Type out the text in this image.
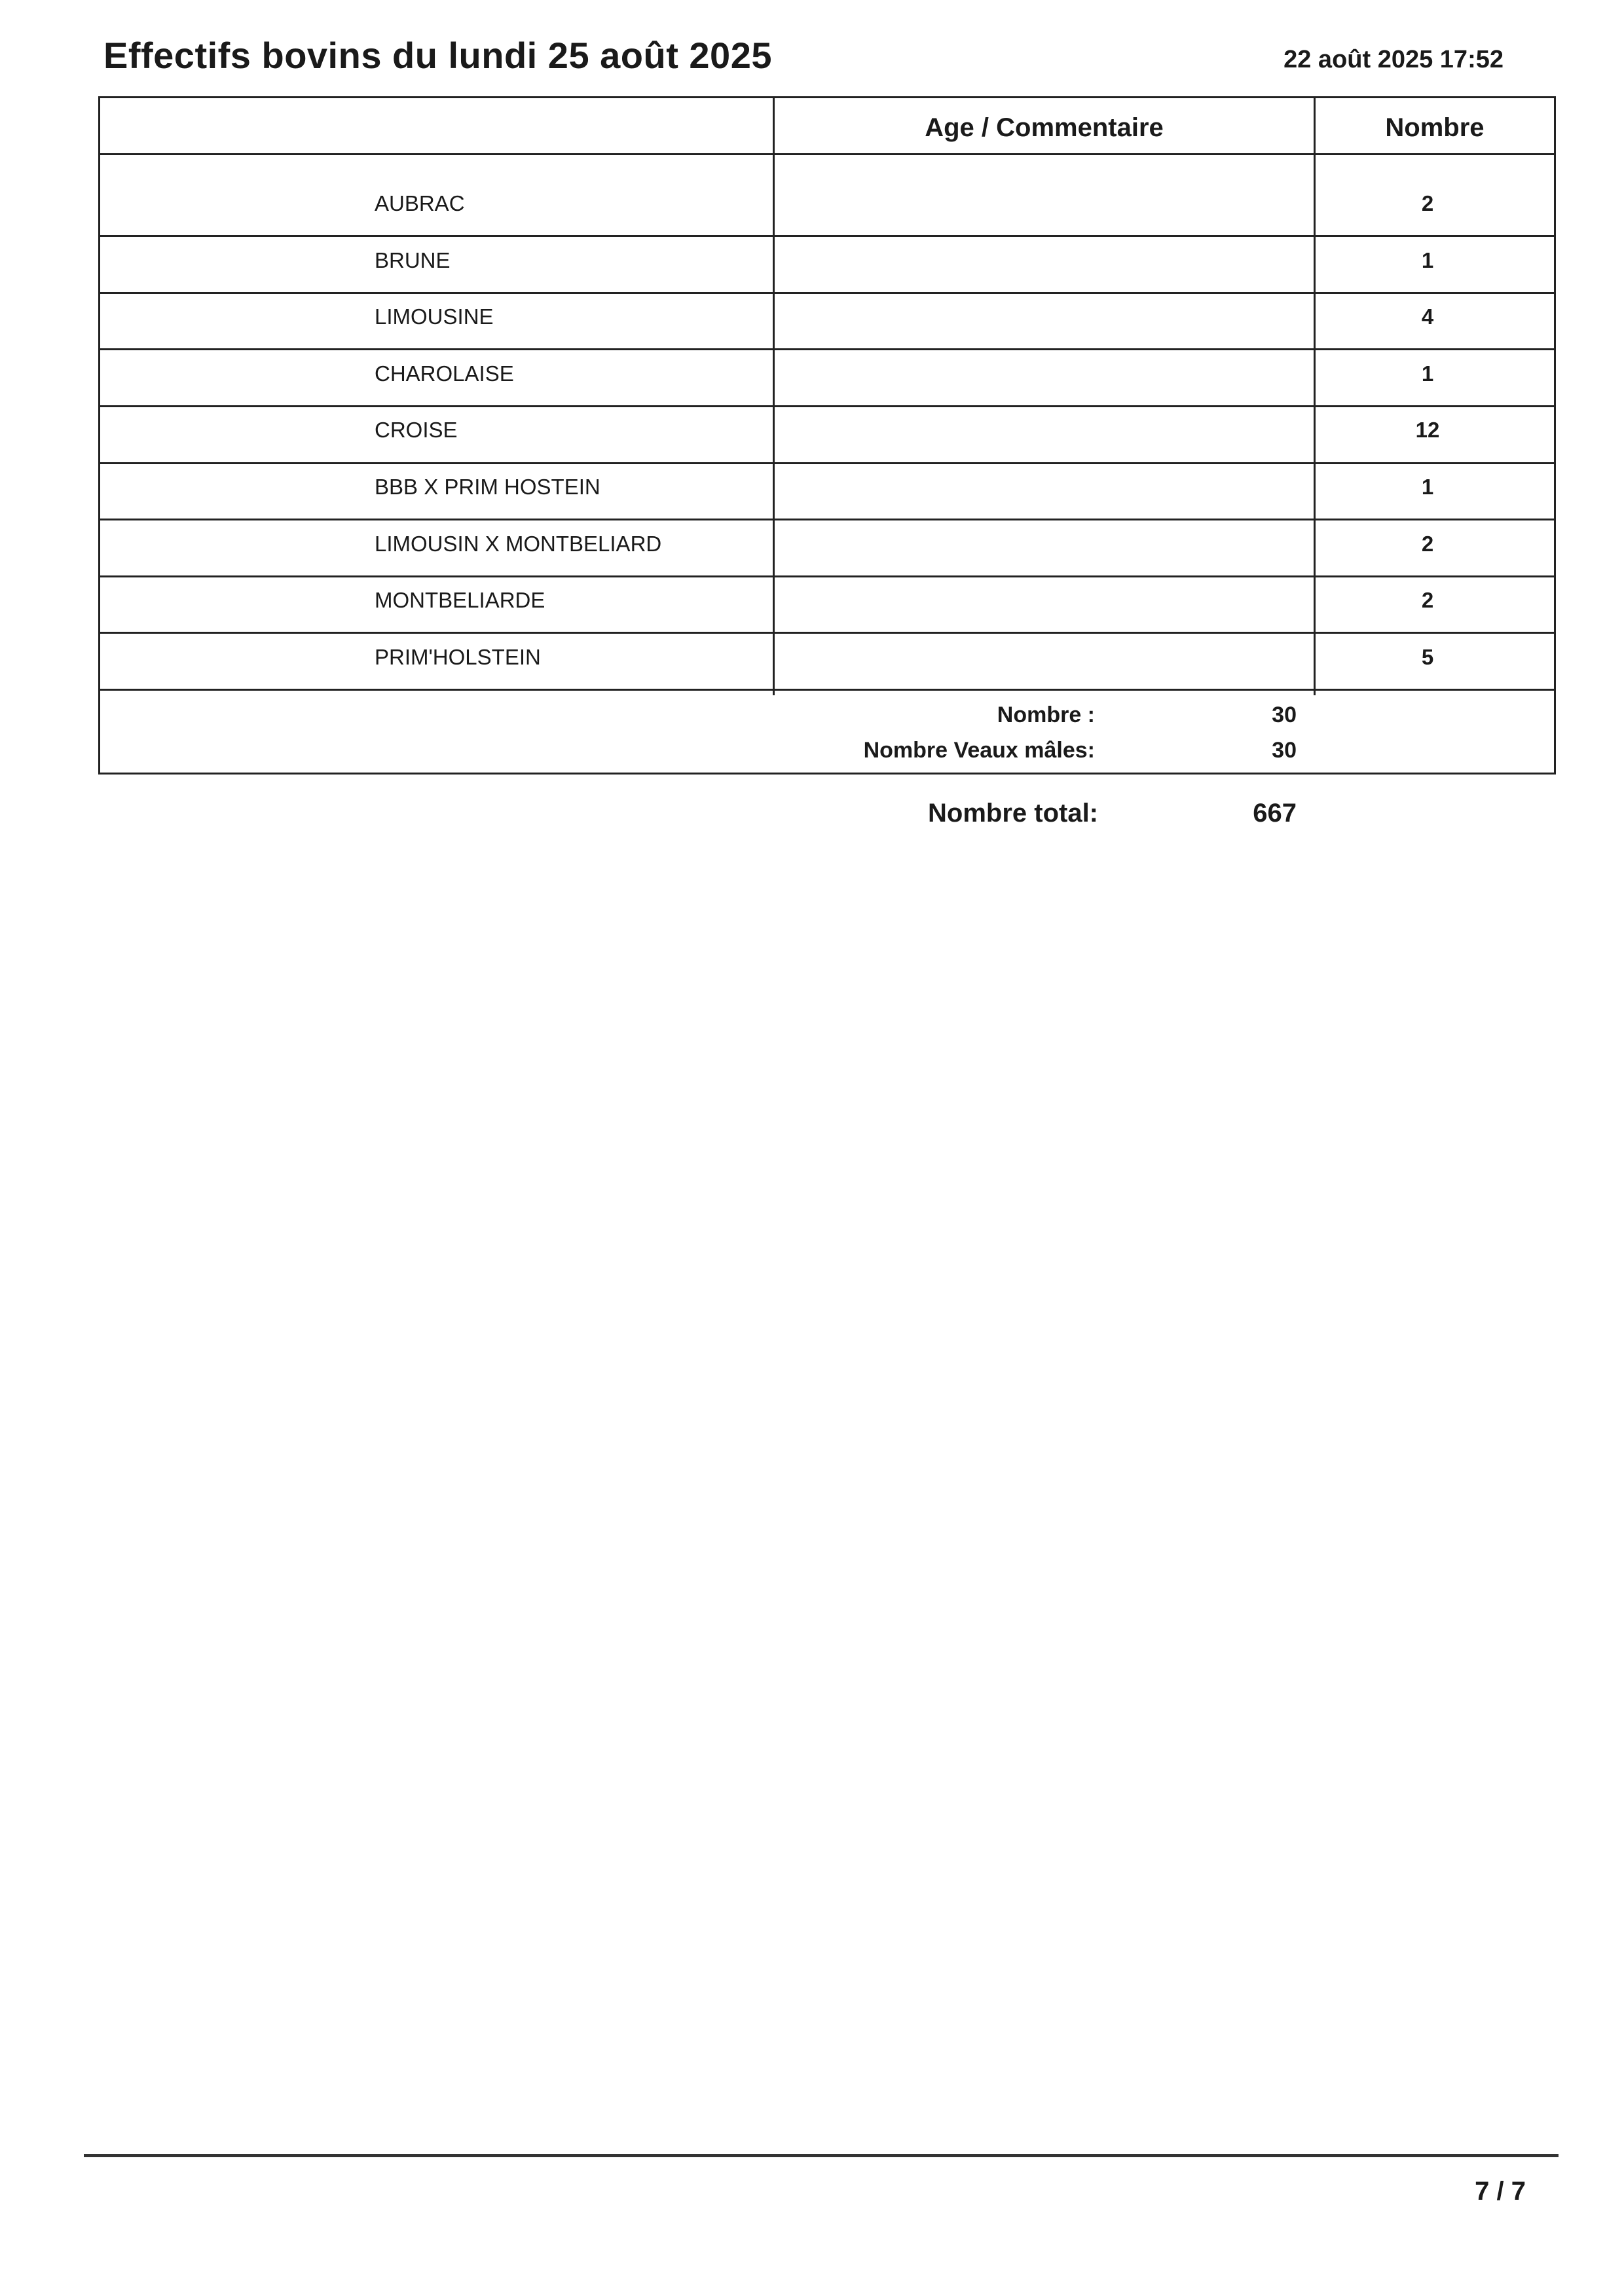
Effectifs bovins du lundi 25 août 2025	22 août 2025 17:52
Age / Commentaire	Nombre
AUBRAC	2
BRUNE	1
LIMOUSINE	4
CHAROLAISE	1
CROISE	12
BBB X PRIM HOSTEIN	1
LIMOUSIN X MONTBELIARD	2
MONTBELIARDE	2
PRIM'HOLSTEIN	5
Nombre :	30
Nombre Veaux mâles:	30
Nombre total:	667
7 / 7
